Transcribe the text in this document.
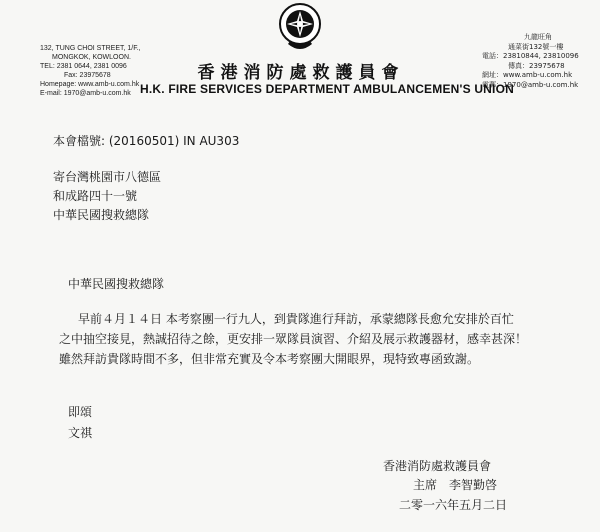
132, TUNG CHOI STREET, 1/F.,
MONGKOK, KOWLOON.
TEL: 2381 0644, 2381 0096
Fax: 23975678
Homepage: www.amb-u.com.hk
E-mail: 1970@amb-u.com.hk
九龍旺角
通菜街132號一樓
電話：23810844, 23810096
傳真：23975678
網址：www.amb-u.com.hk
電郵：1970@amb-u.com.hk
香港消防處救護員會
H.K. FIRE SERVICES DEPARTMENT AMBULANCEMEN'S UNION
本會檔號: (20160501) IN AU303
寄台灣桃園市八德區
和成路四十一號
中華民國搜救總隊
中華民國搜救總隊
早前４月１４日 本考察團一行九人，到貴隊進行拜訪，承蒙總隊長愈允安排於百忙
之中抽空接見，熱誠招待之餘，更安排一眾隊員演習、介紹及展示救護器材，感幸甚深！
雖然拜訪貴隊時間不多，但非常充實及令本考察團大開眼界，現特致專函致謝。
即頌
文祺
香港消防處救護員會
主席　李智勤啓
二零一六年五月二日
